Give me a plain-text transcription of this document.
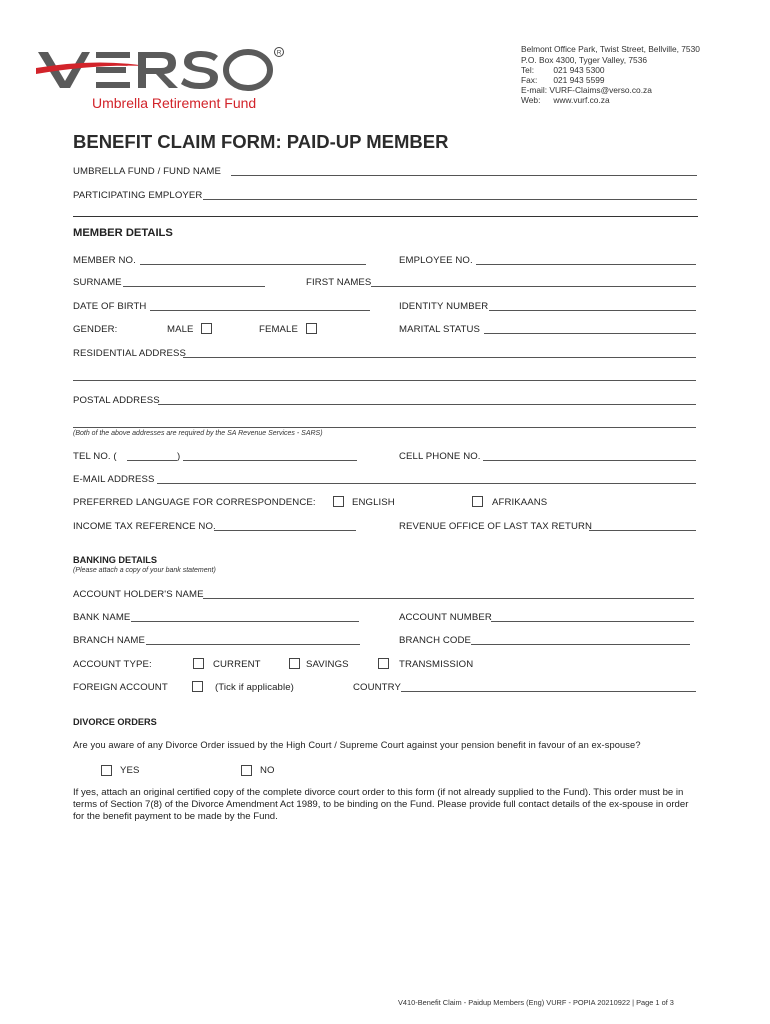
R
Umbrella Retirement Fund
Belmont Office Park, Twist Street, Bellville, 7530
P.O. Box 4300, Tyger Valley, 7536
Tel: 021 943 5300
Fax: 021 943 5599
E-mail: VURF-Claims@verso.co.za
Web: www.vurf.co.za
BENEFIT CLAIM FORM: PAID-UP MEMBER
UMBRELLA FUND / FUND NAME
PARTICIPATING EMPLOYER
MEMBER DETAILS
MEMBER NO.	EMPLOYEE NO.
SURNAME	FIRST NAMES
DATE OF BIRTH	IDENTITY NUMBER
GENDER:	MALE	FEMALE	MARITAL STATUS
RESIDENTIAL ADDRESS
POSTAL ADDRESS
(Both of the above addresses are required by the SA Revenue Services - SARS)
TEL NO. (	)	CELL PHONE NO.
E-MAIL ADDRESS
PREFERRED LANGUAGE FOR CORRESPONDENCE:	ENGLISH	AFRIKAANS
INCOME TAX REFERENCE NO.	REVENUE OFFICE OF LAST TAX RETURN
BANKING DETAILS
(Please attach a copy of your bank statement)
ACCOUNT HOLDER'S NAME
BANK NAME	ACCOUNT NUMBER
BRANCH NAME	BRANCH CODE
ACCOUNT TYPE:	CURRENT	SAVINGS	TRANSMISSION
FOREIGN ACCOUNT	(Tick if applicable)	COUNTRY
DIVORCE ORDERS
Are you aware of any Divorce Order issued by the High Court / Supreme Court against your pension benefit in favour of an ex-spouse?
YES	NO
If yes, attach an original certified copy of the complete divorce court order to this form (if not already supplied to the Fund). This order must be in terms of Section 7(8) of the Divorce Amendment Act 1989, to be binding on the Fund. Please provide full contact details of the ex-spouse in order for the benefit payment to be made by the Fund.
V410-Benefit Claim - Paidup Members (Eng) VURF - POPIA 20210922 | Page 1 of 3
